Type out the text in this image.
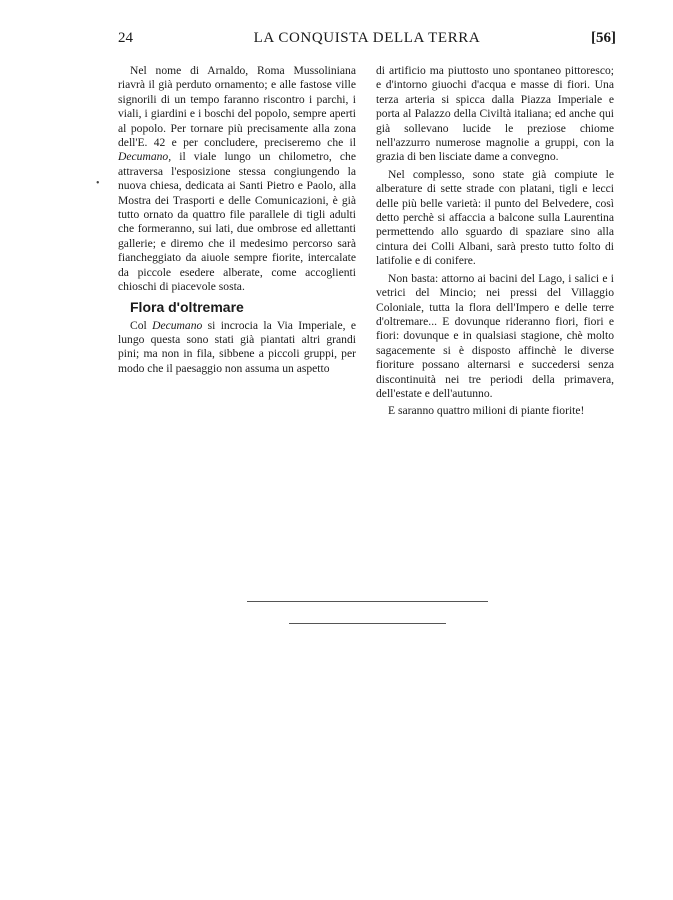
24	LA CONQUISTA DELLA TERRA	[56]
•

Nel nome di Arnaldo, Roma Mussoliniana riavrà il già perduto ornamento; e alle fastose ville signorili di un tempo faranno riscontro i parchi, i viali, i giardini e i boschi del popolo, sempre aperti al popolo. Per tornare più precisamente alla zona dell'E. 42 e per concludere, preciseremo che il Decumano, il viale lungo un chilometro, che attraversa l'esposizione stessa congiungendo la nuova chiesa, dedicata ai Santi Pietro e Paolo, alla Mostra dei Trasporti e delle Comunicazioni, è già tutto ornato da quattro file parallele di tigli adulti che formeranno, sui lati, due ombrose ed allettanti gallerie; e diremo che il medesimo percorso sarà fiancheggiato da aiuole sempre fiorite, intercalate da piccole esedere alberate, come accoglienti chioschi di piacevole sosta.

Flora d'oltremare

Col Decumano si incrocia la Via Imperiale, e lungo questa sono stati già piantati altri grandi pini; ma non in fila, sibbene a piccoli gruppi, per modo che il paesaggio non assuma un aspetto

di artificio ma piuttosto uno spontaneo pittoresco; e d'intorno giuochi d'acqua e masse di fiori. Una terza arteria si spicca dalla Piazza Imperiale e porta al Palazzo della Civiltà italiana; ed anche qui già sollevano lucide le preziose chiome nell'azzurro numerose magnolie a gruppi, con la grazia di ben lisciate dame a convegno.

Nel complesso, sono state già compiute le alberature di sette strade con platani, tigli e lecci delle più belle varietà: il punto del Belvedere, così detto perchè si affaccia a balcone sulla Laurentina permettendo allo sguardo di spaziare sino alla cintura dei Colli Albani, sarà presto tutto folto di latifolie e di conifere.

Non basta: attorno ai bacini del Lago, i salici e i vetrici del Mincio; nei pressi del Villaggio Coloniale, tutta la flora dell'Impero e delle terre d'oltremare... E dovunque rideranno fiori, fiori e fiori: dovunque e in qualsiasi stagione, chè molto sagacemente si è disposto affinchè le diverse fioriture possano alternarsi e succedersi senza discontinuità nei tre periodi della primavera, dell'estate e dell'autunno.

E saranno quattro milioni di piante fiorite!
